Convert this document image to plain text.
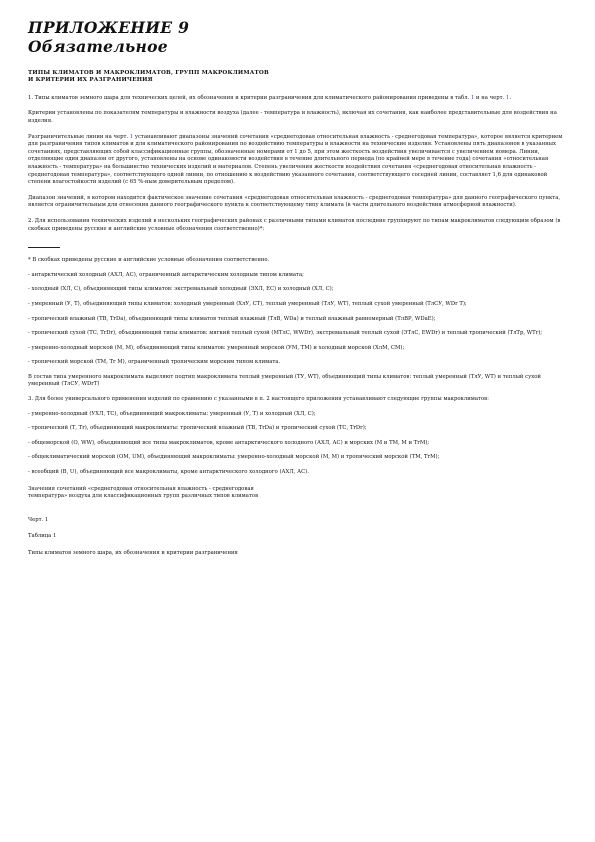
ПРИЛОЖЕНИЕ 9
Обязательное
ТИПЫ КЛИМАТОВ И МАКРОКЛИМАТОВ, ГРУПП МАКРОКЛИМАТОВ
И КРИТЕРИИ ИХ РАЗГРАНИЧЕНИЯ

1. Типы климатов земного шара для технических целей, их обозначения и критерии разграничения для климатического районирования приведены в табл. 1 и на черт. 1.

Критерии установлены по показателям температуры и влажности воздуха (далее - температура и влажность), включая их сочетания, как наиболее представительные для воздействия на изделия.

Разграничительные линии на черт. 1 устанавливают диапазоны значений сочетания «среднегодовая относительная влажность - среднегодовая температура», которое является критерием для разграничения типов климатов и для климатического районирования по воздействию температуры и влажности на технические изделия. Установлены пять диапазонов в указанных сочетаниях, представляющих собой классификационные группы, обозначенные номерами от 1 до 5, при этом жесткость воздействия увеличивается с увеличением номера. Линии, отделяющие один диапазон от другого, установлены на основе одинаковости воздействия в течение длительного периода (по крайней мере в течение года) сочетания «относительная влажность - температура» на большинство технических изделий и материалов. Степень увеличения жесткости воздействия сочетания «среднегодовая относительная влажность - среднегодовая температура», соответствующего одной линии, по отношению к воздействию указанного сочетания, соответствующего соседней линии, составляет 1,6 для одинаковой степени влагостойкости изделий (с 65 %-ным доверительным пределом).

Диапазон значений, в котором находится фактическое значение сочетания «среднегодовая относительная влажность - среднегодовая температура» для данного географического пункта, является ограничительным для отнесения данного географического пункта к соответствующему типу климата (в части длительного воздействия атмосферной влажности).

2. Для использования технических изделий в нескольких географических районах с различными типами климатов последние группируют по типам макроклиматов следующим образом (в скобках приведены русские и английские условные обозначения соответственно)*:

* В скобках приведены русские и английские условные обозначения соответственно.

- антарктический холодный (АХЛ, АС), ограниченный антарктическим холодным типом климата;

- холодный (ХЛ, С), объединяющий типы климатов: экстремальный холодный (ЭХЛ, ЕС) и холодный (ХЛ, С);

- умеренный (У, Т), объединяющий типы климатов: холодный умеренный (ХлУ, СТ), теплый умеренный (ТлУ, WT), теплый сухой умеренный (ТлСУ, WDr T);

- тропический влажный (ТВ, TrDa), объединяющий типы климатов теплый влажный (ТлВ, WDa) и теплый влажный равномерный (ТлВР, WDaE);

- тропический сухой (ТС, TrDr), объединяющий типы климатов: мягкий теплый сухой (МТлС, WWDr), экстремальный теплый сухой (ЭТлС, EWDr) и теплый тропический (ТлТр, WTr);

- умеренно-холодный морской (М, M), объединяющий типы климатов: умеренный морской (УМ, TM) и холодный морской (ХлМ, CM);

- тропический морской (ТМ, Tr M), ограниченный тропическим морским типом климата.

В состав типа умеренного макроклимата выделяют подтип макроклимата теплый умеренный (ТУ, WT), объединяющий типы климатов: теплый умеренный (ТлУ, WT) и теплый сухой умеренный (ТлСУ, WDrT)

3. Для более универсального применения изделий по сравнению с указанными в п. 2 настоящего приложения устанавливают следующие группы макроклиматов:

- умеренно-холодный (УХЛ, ТС), объединяющий макроклиматы: умеренный (У, Т) и холодный (ХЛ, С);

- тропический (Т, Tr), объединяющий макроклиматы: тропический влажный (ТВ, TrDa) и тропический сухой (ТС, TrDr);

- общеморской (О, WW), объединяющий все типы макроклиматов, кроме антарктического холодного (АХЛ, АС) и морских (М и ТМ, М и TrM);

- общеклиматический морской (ОМ, UM), объединяющий макроклиматы: умеренно-холодный морской (М, M) и тропический морской (ТМ, TrM);

- всеобщий (В, U), объединяющий все макроклиматы, кроме антарктического холодного (АХЛ, АС).

Значения сочетаний «среднегодовая относительная влажность - среднегодовая
температура» воздуха для классификационных групп различных типов климатов

Черт. 1

Таблица 1

Типы климатов земного шара, их обозначения и критерии разграничения
